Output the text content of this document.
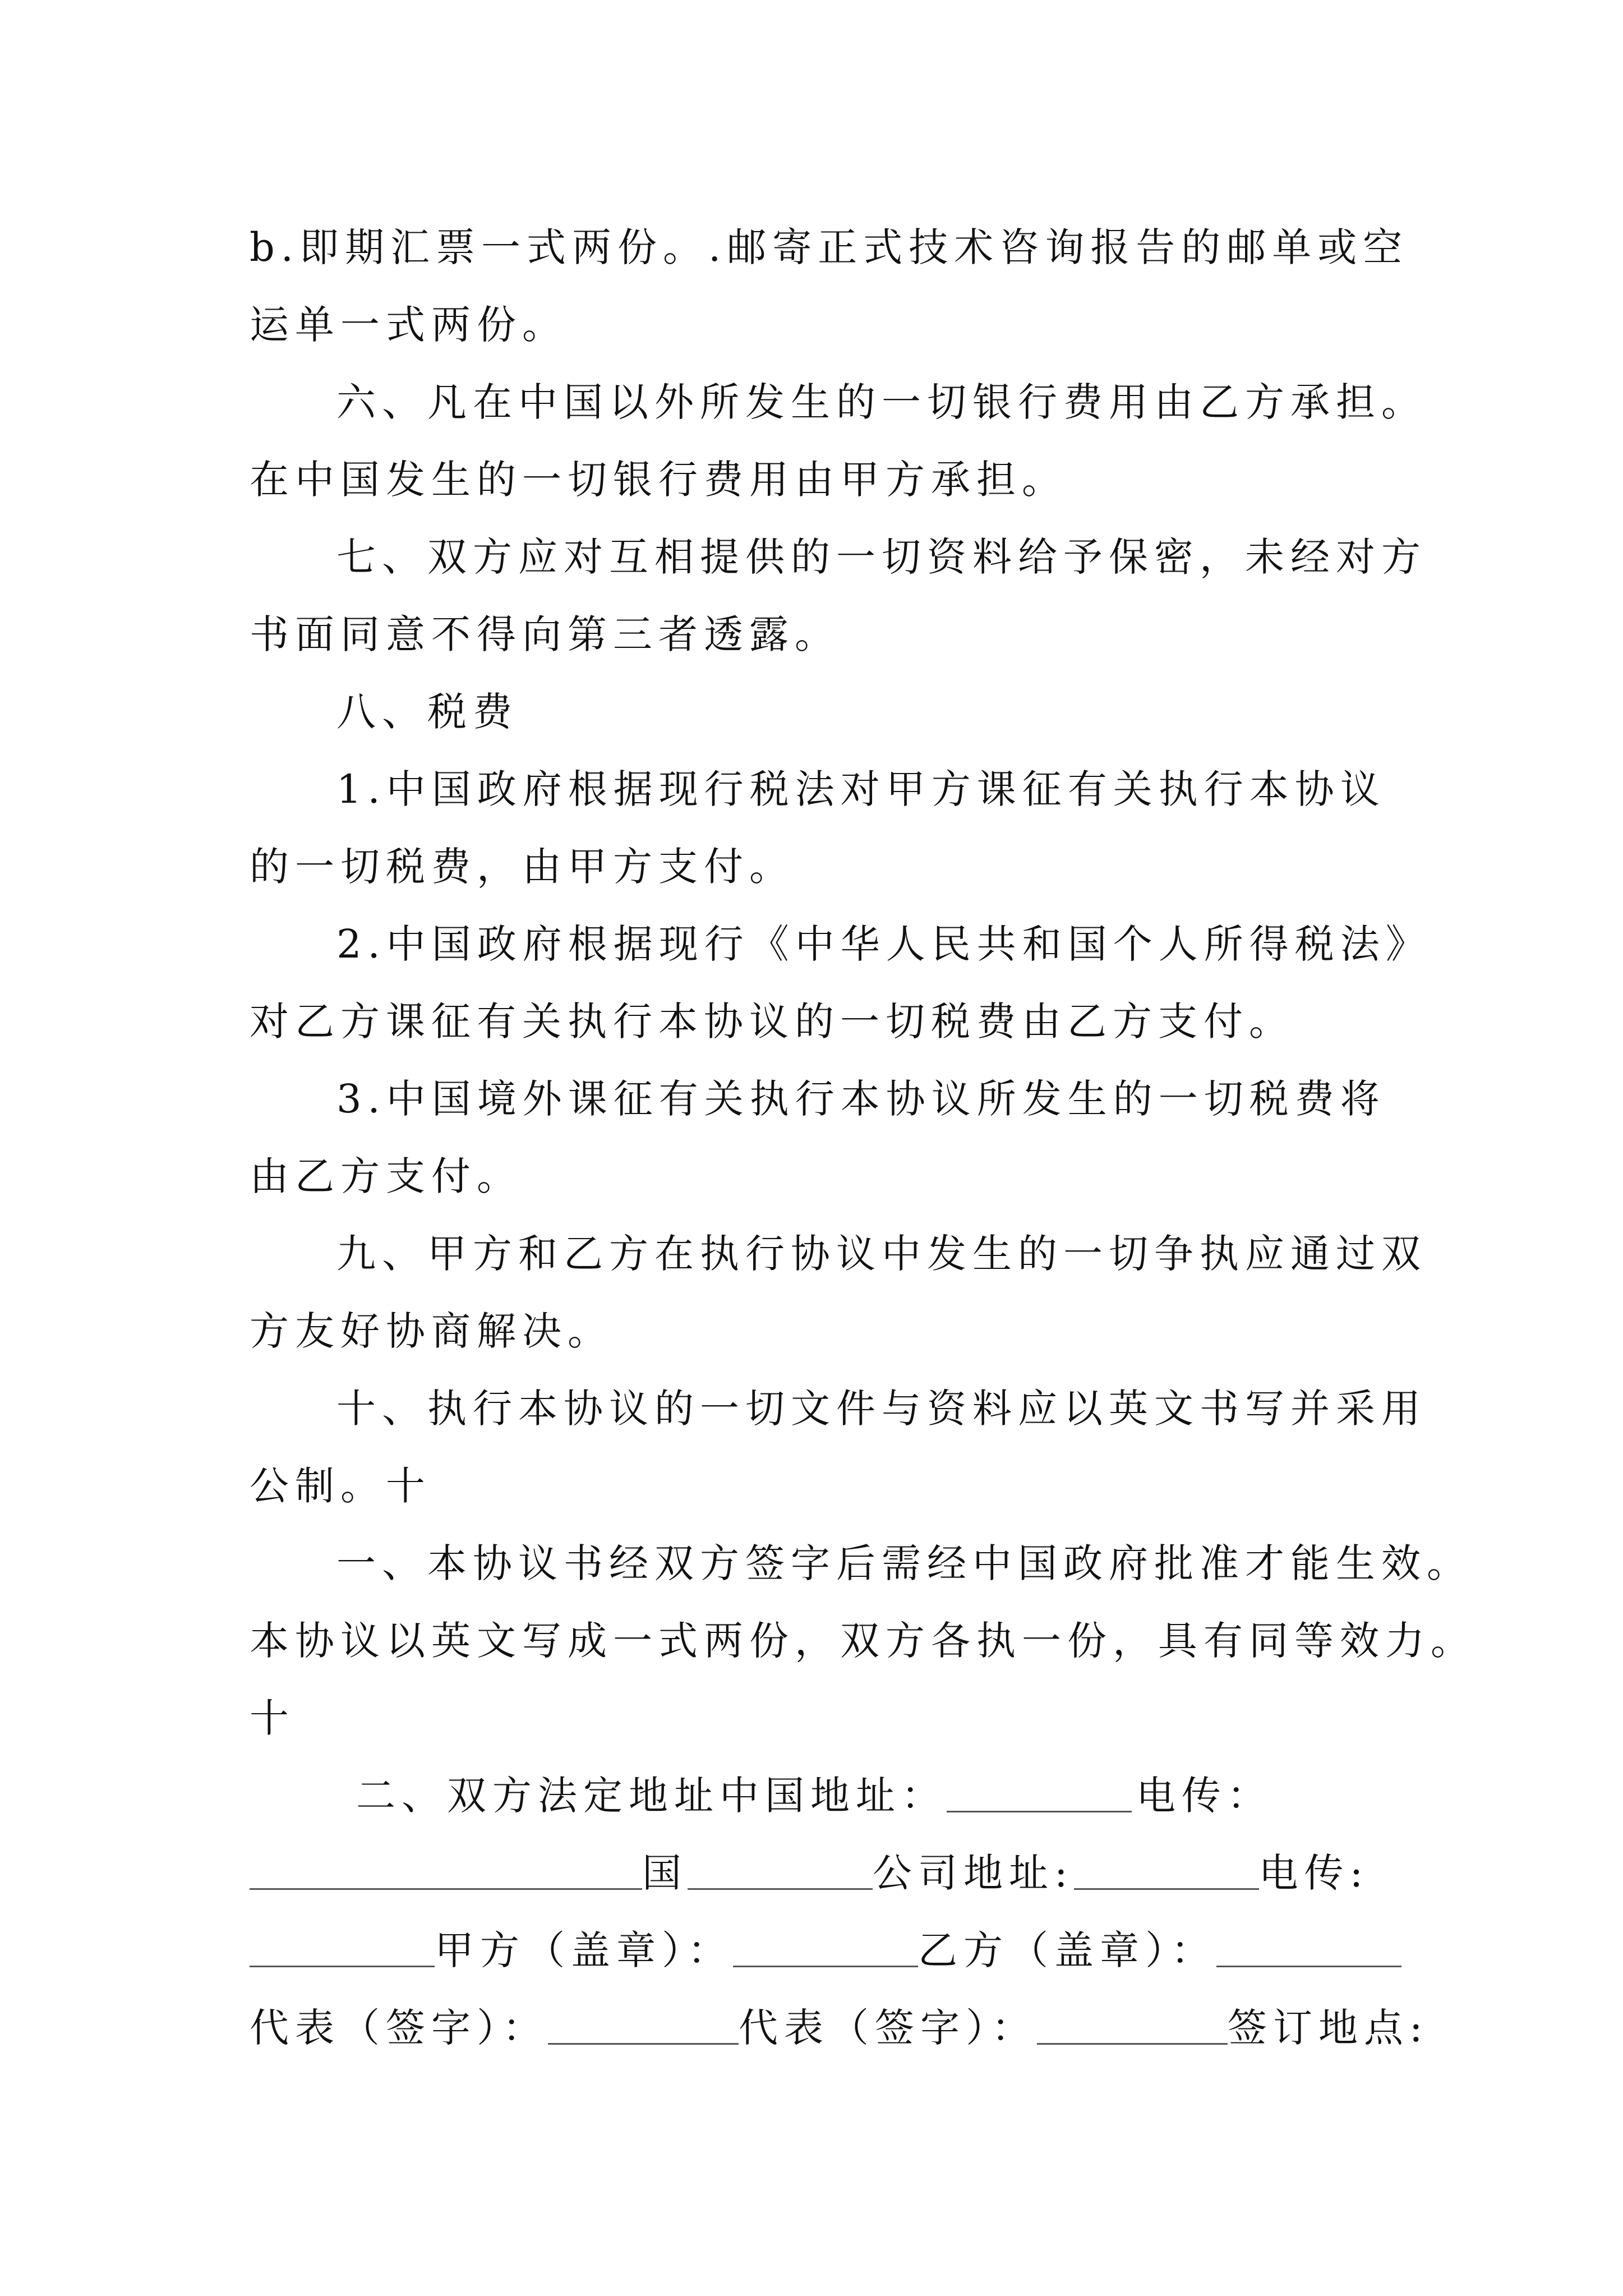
b.即期汇票一式两份。.邮寄正式技术咨询报告的邮单或空
运单一式两份。
六、凡在中国以外所发生的一切银行费用由乙方承担。
在中国发生的一切银行费用由甲方承担。
七、双方应对互相提供的一切资料给予保密，未经对方
书面同意不得向第三者透露。
八、税费
1.中国政府根据现行税法对甲方课征有关执行本协议
的一切税费，由甲方支付。
2.中国政府根据现行《中华人民共和国个人所得税法》
对乙方课征有关执行本协议的一切税费由乙方支付。
3.中国境外课征有关执行本协议所发生的一切税费将
由乙方支付。
九、甲方和乙方在执行协议中发生的一切争执应通过双
方友好协商解决。
十、执行本协议的一切文件与资料应以英文书写并采用
公制。十
一、本协议书经双方签字后需经中国政府批准才能生效。
本协议以英文写成一式两份，双方各执一份，具有同等效力。
十
二、双方法定地址中国地址：	电传：
国	公司地址:	电传:
甲方（盖章）：	乙方（盖章）：
代表（签字）：	代表（签字）：	签订地点:
